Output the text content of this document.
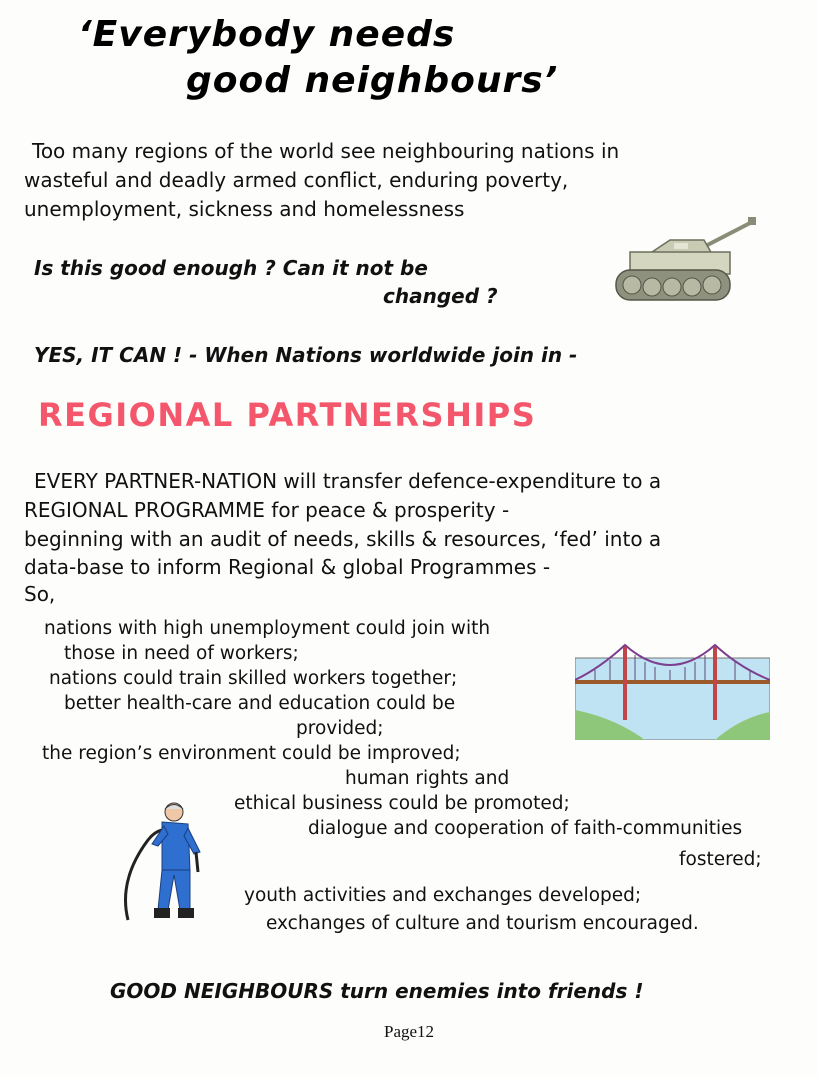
‘Everybody needs
good neighbours’
Too many regions of the world see neighbouring nations in
wasteful and deadly armed conflict, enduring poverty,
unemployment, sickness and homelessness
Is this good enough ? Can it not be
changed ?
YES, IT CAN ! - When Nations worldwide join in -
REGIONAL PARTNERSHIPS
EVERY PARTNER-NATION will transfer defence-expenditure to a
REGIONAL PROGRAMME for peace & prosperity -
beginning with an audit of needs, skills & resources, ‘fed’ into a
data-base to inform Regional & global Programmes -
So,
nations with high unemployment could join with
those in need of workers;
nations could train skilled workers together;
better health-care and education could be
provided;
the region’s environment could be improved;
human rights and
ethical business could be promoted;
dialogue and cooperation of faith-communities
fostered;
youth activities and exchanges developed;
exchanges of culture and tourism encouraged.
GOOD NEIGHBOURS turn enemies into friends !
Page12
